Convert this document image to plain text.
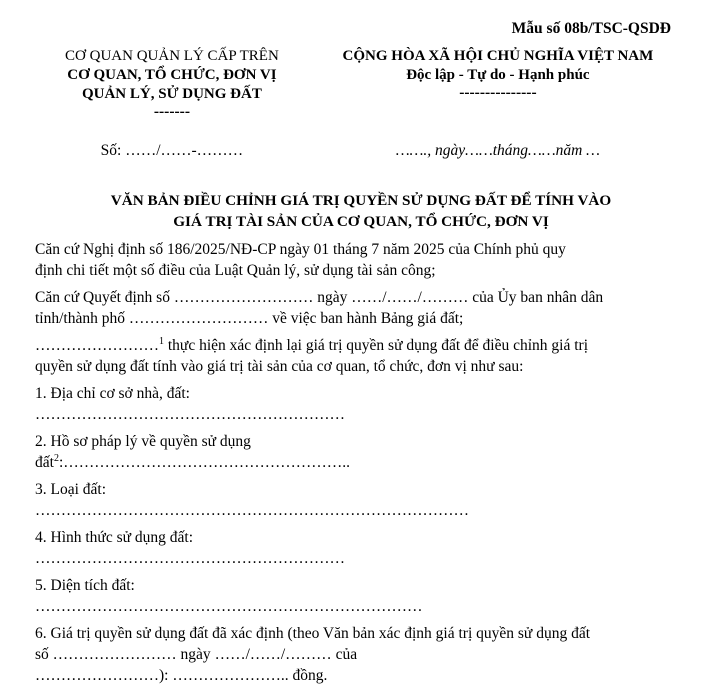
Mẫu số 08b/TSC-QSDĐ
CƠ QUAN QUẢN LÝ CẤP TRÊN
CƠ QUAN, TỔ CHỨC, ĐƠN VỊ
QUẢN LÝ, SỬ DỤNG ĐẤT
-------
CỘNG HÒA XÃ HỘI CHỦ NGHĨA VIỆT NAM
Độc lập - Tự do - Hạnh phúc
---------------
Số: ……/……-………	……., ngày……tháng……năm …
VĂN BẢN ĐIỀU CHỈNH GIÁ TRỊ QUYỀN SỬ DỤNG ĐẤT ĐỂ TÍNH VÀO
GIÁ TRỊ TÀI SẢN CỦA CƠ QUAN, TỔ CHỨC, ĐƠN VỊ

Căn cứ Nghị định số 186/2025/NĐ-CP ngày 01 tháng 7 năm 2025 của Chính phủ quy
định chi tiết một số điều của Luật Quản lý, sử dụng tài sản công;

Căn cứ Quyết định số ……………………… ngày ……/……/……… của Ủy ban nhân dân
tỉnh/thành phố ……………………… về việc ban hành Bảng giá đất;

……………………$^1$ thực hiện xác định lại giá trị quyền sử dụng đất để điều chỉnh giá trị
quyền sử dụng đất tính vào giá trị tài sản của cơ quan, tổ chức, đơn vị như sau:

1. Địa chỉ cơ sở nhà, đất:
……………………………………………………

2. Hồ sơ pháp lý về quyền sử dụng
đất$^2$:………………………………………………..

3. Loại đất:
…………………………………………………………………………

4. Hình thức sử dụng đất:
……………………………………………………

5. Diện tích đất:
…………………………………………………………………

6. Giá trị quyền sử dụng đất đã xác định (theo Văn bản xác định giá trị quyền sử dụng đất
số …………………… ngày ……/……/……… của
……………………): ………………….. đồng.
